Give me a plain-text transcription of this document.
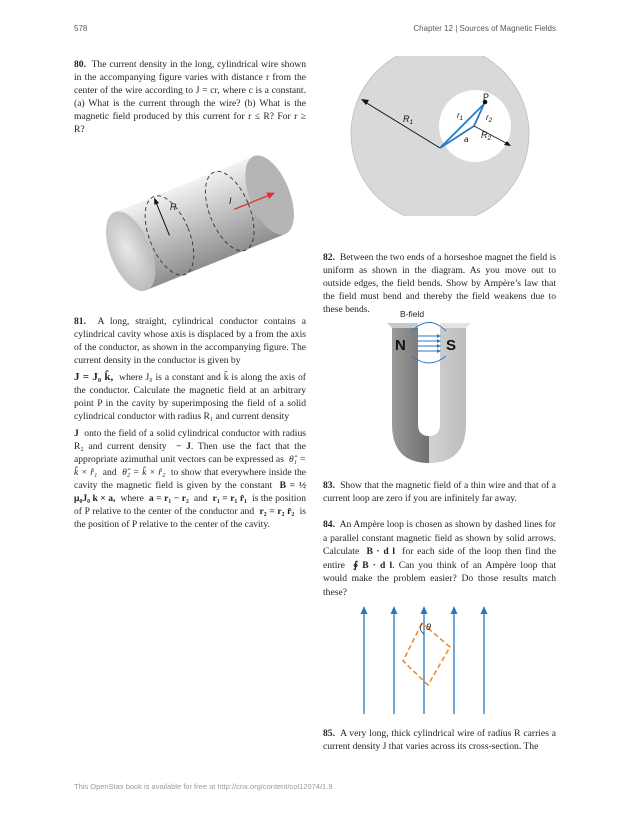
578	Chapter 12 | Sources of Magnetic Fields

80. The current density in the long, cylindrical wire shown in the accompanying figure varies with distance r from the center of the wire according to J = cr, where c is a constant. (a) What is the current through the wire? (b) What is the magnetic field produced by this current for r ≤ R? For r ≥ R?

R
I

81. A long, straight, cylindrical conductor contains a cylindrical cavity whose axis is displaced by a from the axis of the conductor, as shown in the accompanying figure. The current density in the conductor is given by

J = J₀ k̂, where J₀ is a constant and k̂ is along the axis of the conductor. Calculate the magnetic field at an arbitrary point P in the cavity by superimposing the field of a solid cylindrical conductor with radius R₁ and current density

J onto the field of a solid cylindrical conductor with radius R₂ and current density − J. Then use the fact that the appropriate azimuthal unit vectors can be expressed as θ̂₁ = k̂ × r̂₁ and θ̂₂ = k̂ × r̂₂ to show that everywhere inside the cavity the magnetic field is given by the constant B = ½ μ₀J₀ k × a, where a = r₁ − r₂ and r₁ = r₁ r̂₁ is the position of P relative to the center of the conductor and r₂ = r₂ r̂₂ is the position of P relative to the center of the cavity.

P
$R_1$
$R_2$
$r_1$	$r_2$
a

82. Between the two ends of a horseshoe magnet the field is uniform as shown in the diagram. As you move out to outside edges, the field bends. Show by Ampère’s law that the field must bend and thereby the field weakens due to these bends.	B-field
N	S

83. Show that the magnetic field of a thin wire and that of a current loop are zero if you are infinitely far away.

84. An Ampère loop is chosen as shown by dashed lines for a parallel constant magnetic field as shown by solid arrows. Calculate B · d l for each side of the loop then find the entire ∮ B · d l. Can you think of an Ampère loop that would make the problem easier? Do those results match these?

θ

85. A very long, thick cylindrical wire of radius R carries a current density J that varies across its cross-section. The

This OpenStax book is available for free at http://cnx.org/content/col12074/1.9
